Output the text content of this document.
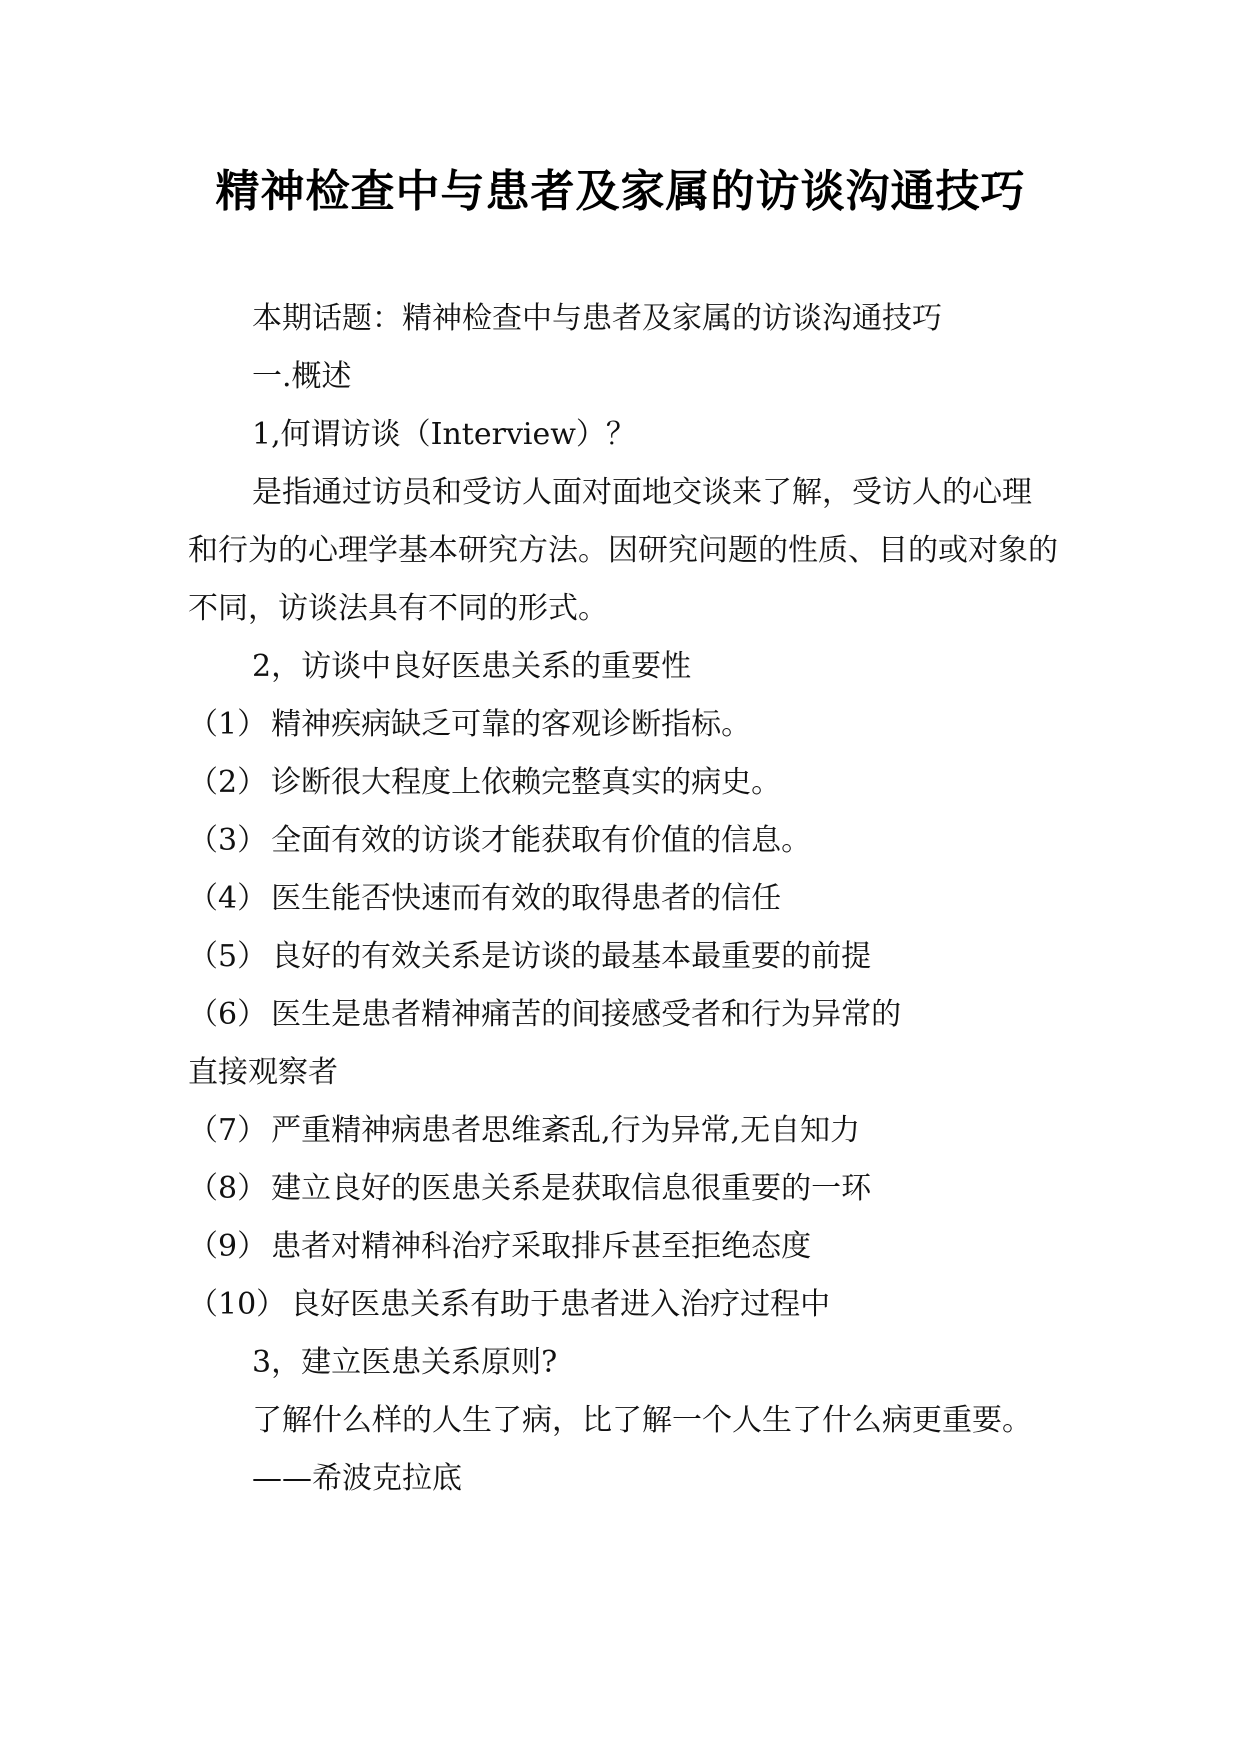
精神检查中与患者及家属的访谈沟通技巧

本期话题：精神检查中与患者及家属的访谈沟通技巧

一.概述

1,何谓访谈（Interview）？

是指通过访员和受访人面对面地交谈来了解，受访人的心理和行为的心理学基本研究方法。因研究问题的性质、目的或对象的不同，访谈法具有不同的形式。

2，访谈中良好医患关系的重要性

（1） 精神疾病缺乏可靠的客观诊断指标。

（2） 诊断很大程度上依赖完整真实的病史。

（3） 全面有效的访谈才能获取有价值的信息。

（4） 医生能否快速而有效的取得患者的信任

（5） 良好的有效关系是访谈的最基本最重要的前提

（6） 医生是患者精神痛苦的间接感受者和行为异常的

直接观察者

（7） 严重精神病患者思维紊乱,行为异常,无自知力

（8） 建立良好的医患关系是获取信息很重要的一环

（9） 患者对精神科治疗采取排斥甚至拒绝态度

（10） 良好医患关系有助于患者进入治疗过程中

3，建立医患关系原则?

了解什么样的人生了病，比了解一个人生了什么病更重要。

——希波克拉底
